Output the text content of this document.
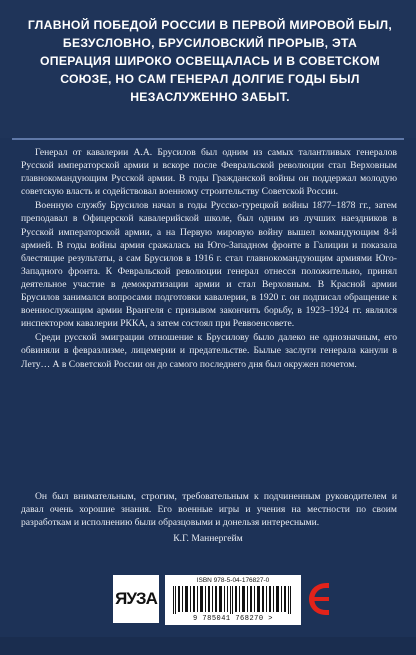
ГЛАВНОЙ ПОБЕДОЙ РОССИИ В ПЕРВОЙ МИРОВОЙ БЫЛ, БЕЗУСЛОВНО, БРУСИЛОВСКИЙ ПРОРЫВ, ЭТА ОПЕРАЦИЯ ШИРОКО ОСВЕЩАЛАСЬ И В СОВЕТСКОМ СОЮЗЕ, НО САМ ГЕНЕРАЛ ДОЛГИЕ ГОДЫ БЫЛ НЕЗАСЛУЖЕННО ЗАБЫТ.

Генерал от кавалерии А.А. Брусилов был одним из самых талантливых генералов Русской императорской армии и вскоре после Февральской революции стал Верховным главнокомандующим Русской армии. В годы Гражданской войны он поддержал молодую советскую власть и содействовал военному строительству Советской России.

Военную службу Брусилов начал в годы Русско-турецкой войны 1877–1878 гг., затем преподавал в Офицерской кавалерийской школе, был одним из лучших наездников в Русской императорской армии, а на Первую мировую войну вышел командующим 8-й армией. В годы войны армия сражалась на Юго-Западном фронте в Галиции и показала блестящие результаты, а сам Брусилов в 1916 г. стал главнокомандующим армиями Юго-Западного фронта. К Февральской революции генерал отнесся положительно, принял деятельное участие в демократизации армии и стал Верховным. В Красной армии Брусилов занимался вопросами подготовки кавалерии, в 1920 г. он подписал обращение к военнослужащим армии Врангеля с призывом закончить борьбу, в 1923–1924 гг. являлся инспектором кавалерии РККА, а затем состоял при Реввоенсовете.

Среди русской эмиграции отношение к Брусилову было далеко не однозначным, его обвиняли в февразлизме, лицемерии и предательстве. Былые заслуги генерала канули в Лету… А в Советской России он до самого последнего дня был окружен почетом.

Он был внимательным, строгим, требовательным к подчиненным руководителем и давал очень хорошие знания. Его военные игры и учения на местности по своим разработкам и исполнению были образцовыми и донельзя интересными.

К.Г. Маннергейм
ЯУЗА
ISBN 978-5-04-176827-0
9 785041 768270 >
